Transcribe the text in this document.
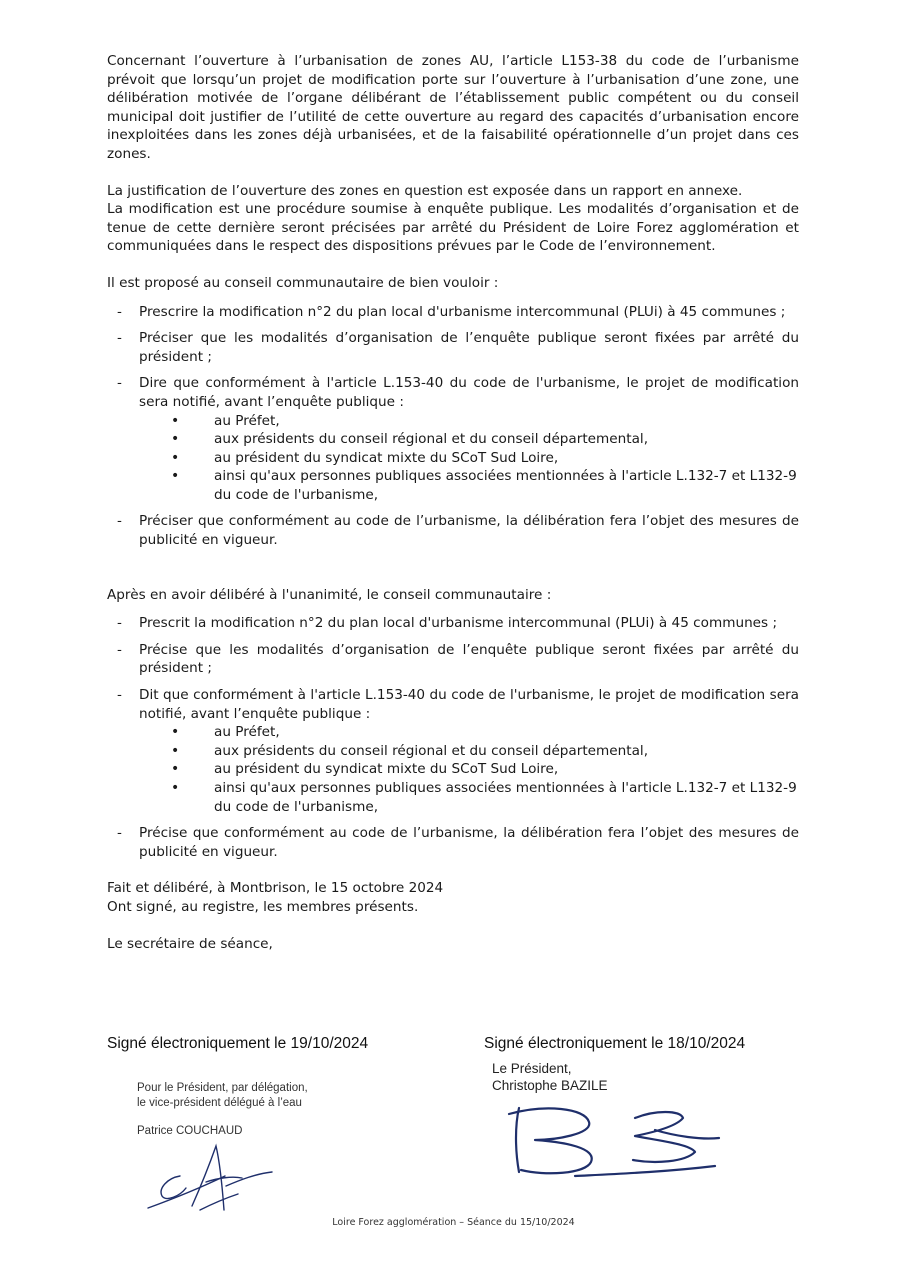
Concernant l’ouverture à l’urbanisation de zones AU, l’article L153-38 du code de l’urbanisme prévoit que lorsqu’un projet de modification porte sur l’ouverture à l’urbanisation d’une zone, une délibération motivée de l’organe délibérant de l’établissement public compétent ou du conseil municipal doit justifier de l’utilité de cette ouverture au regard des capacités d’urbanisation encore inexploitées dans les zones déjà urbanisées, et de la faisabilité opérationnelle d’un projet dans ces zones.

La justification de l’ouverture des zones en question est exposée dans un rapport en annexe.

La modification est une procédure soumise à enquête publique. Les modalités d’organisation et de tenue de cette dernière seront précisées par arrêté du Président de Loire Forez agglomération et communiquées dans le respect des dispositions prévues par le Code de l’environnement.

Il est proposé au conseil communautaire de bien vouloir :

- Prescrire la modification n°2 du plan local d'urbanisme intercommunal (PLUi) à 45 communes ;
- Préciser que les modalités d’organisation de l’enquête publique seront fixées par arrêté du président ;
- Dire que conformément à l'article L.153-40 du code de l'urbanisme, le projet de modification sera notifié, avant l’enquête publique :
• au Préfet,
• aux présidents du conseil régional et du conseil départemental,
• au président du syndicat mixte du SCoT Sud Loire,
• ainsi qu'aux personnes publiques associées mentionnées à l'article L.132-7 et L132-9 du code de l'urbanisme,
- Préciser que conformément au code de l’urbanisme, la délibération fera l’objet des mesures de publicité en vigueur.

Après en avoir délibéré à l'unanimité, le conseil communautaire :

- Prescrit la modification n°2 du plan local d'urbanisme intercommunal (PLUi) à 45 communes ;
- Précise que les modalités d’organisation de l’enquête publique seront fixées par arrêté du président ;
- Dit que conformément à l'article L.153-40 du code de l'urbanisme, le projet de modification sera notifié, avant l’enquête publique :
• au Préfet,
• aux présidents du conseil régional et du conseil départemental,
• au président du syndicat mixte du SCoT Sud Loire,
• ainsi qu'aux personnes publiques associées mentionnées à l'article L.132-7 et L132-9 du code de l'urbanisme,
- Précise que conformément au code de l’urbanisme, la délibération fera l’objet des mesures de publicité en vigueur.

Fait et délibéré, à Montbrison, le 15 octobre 2024

Ont signé, au registre, les membres présents.

Le secrétaire de séance,

Signé électroniquement le 19/10/2024	Signé électroniquement le 18/10/2024
Pour le Président, par délégation,
le vice-président délégué à l’eau
Patrice COUCHAUD
Le Président,
Christophe BAZILE
Loire Forez agglomération – Séance du 15/10/2024
